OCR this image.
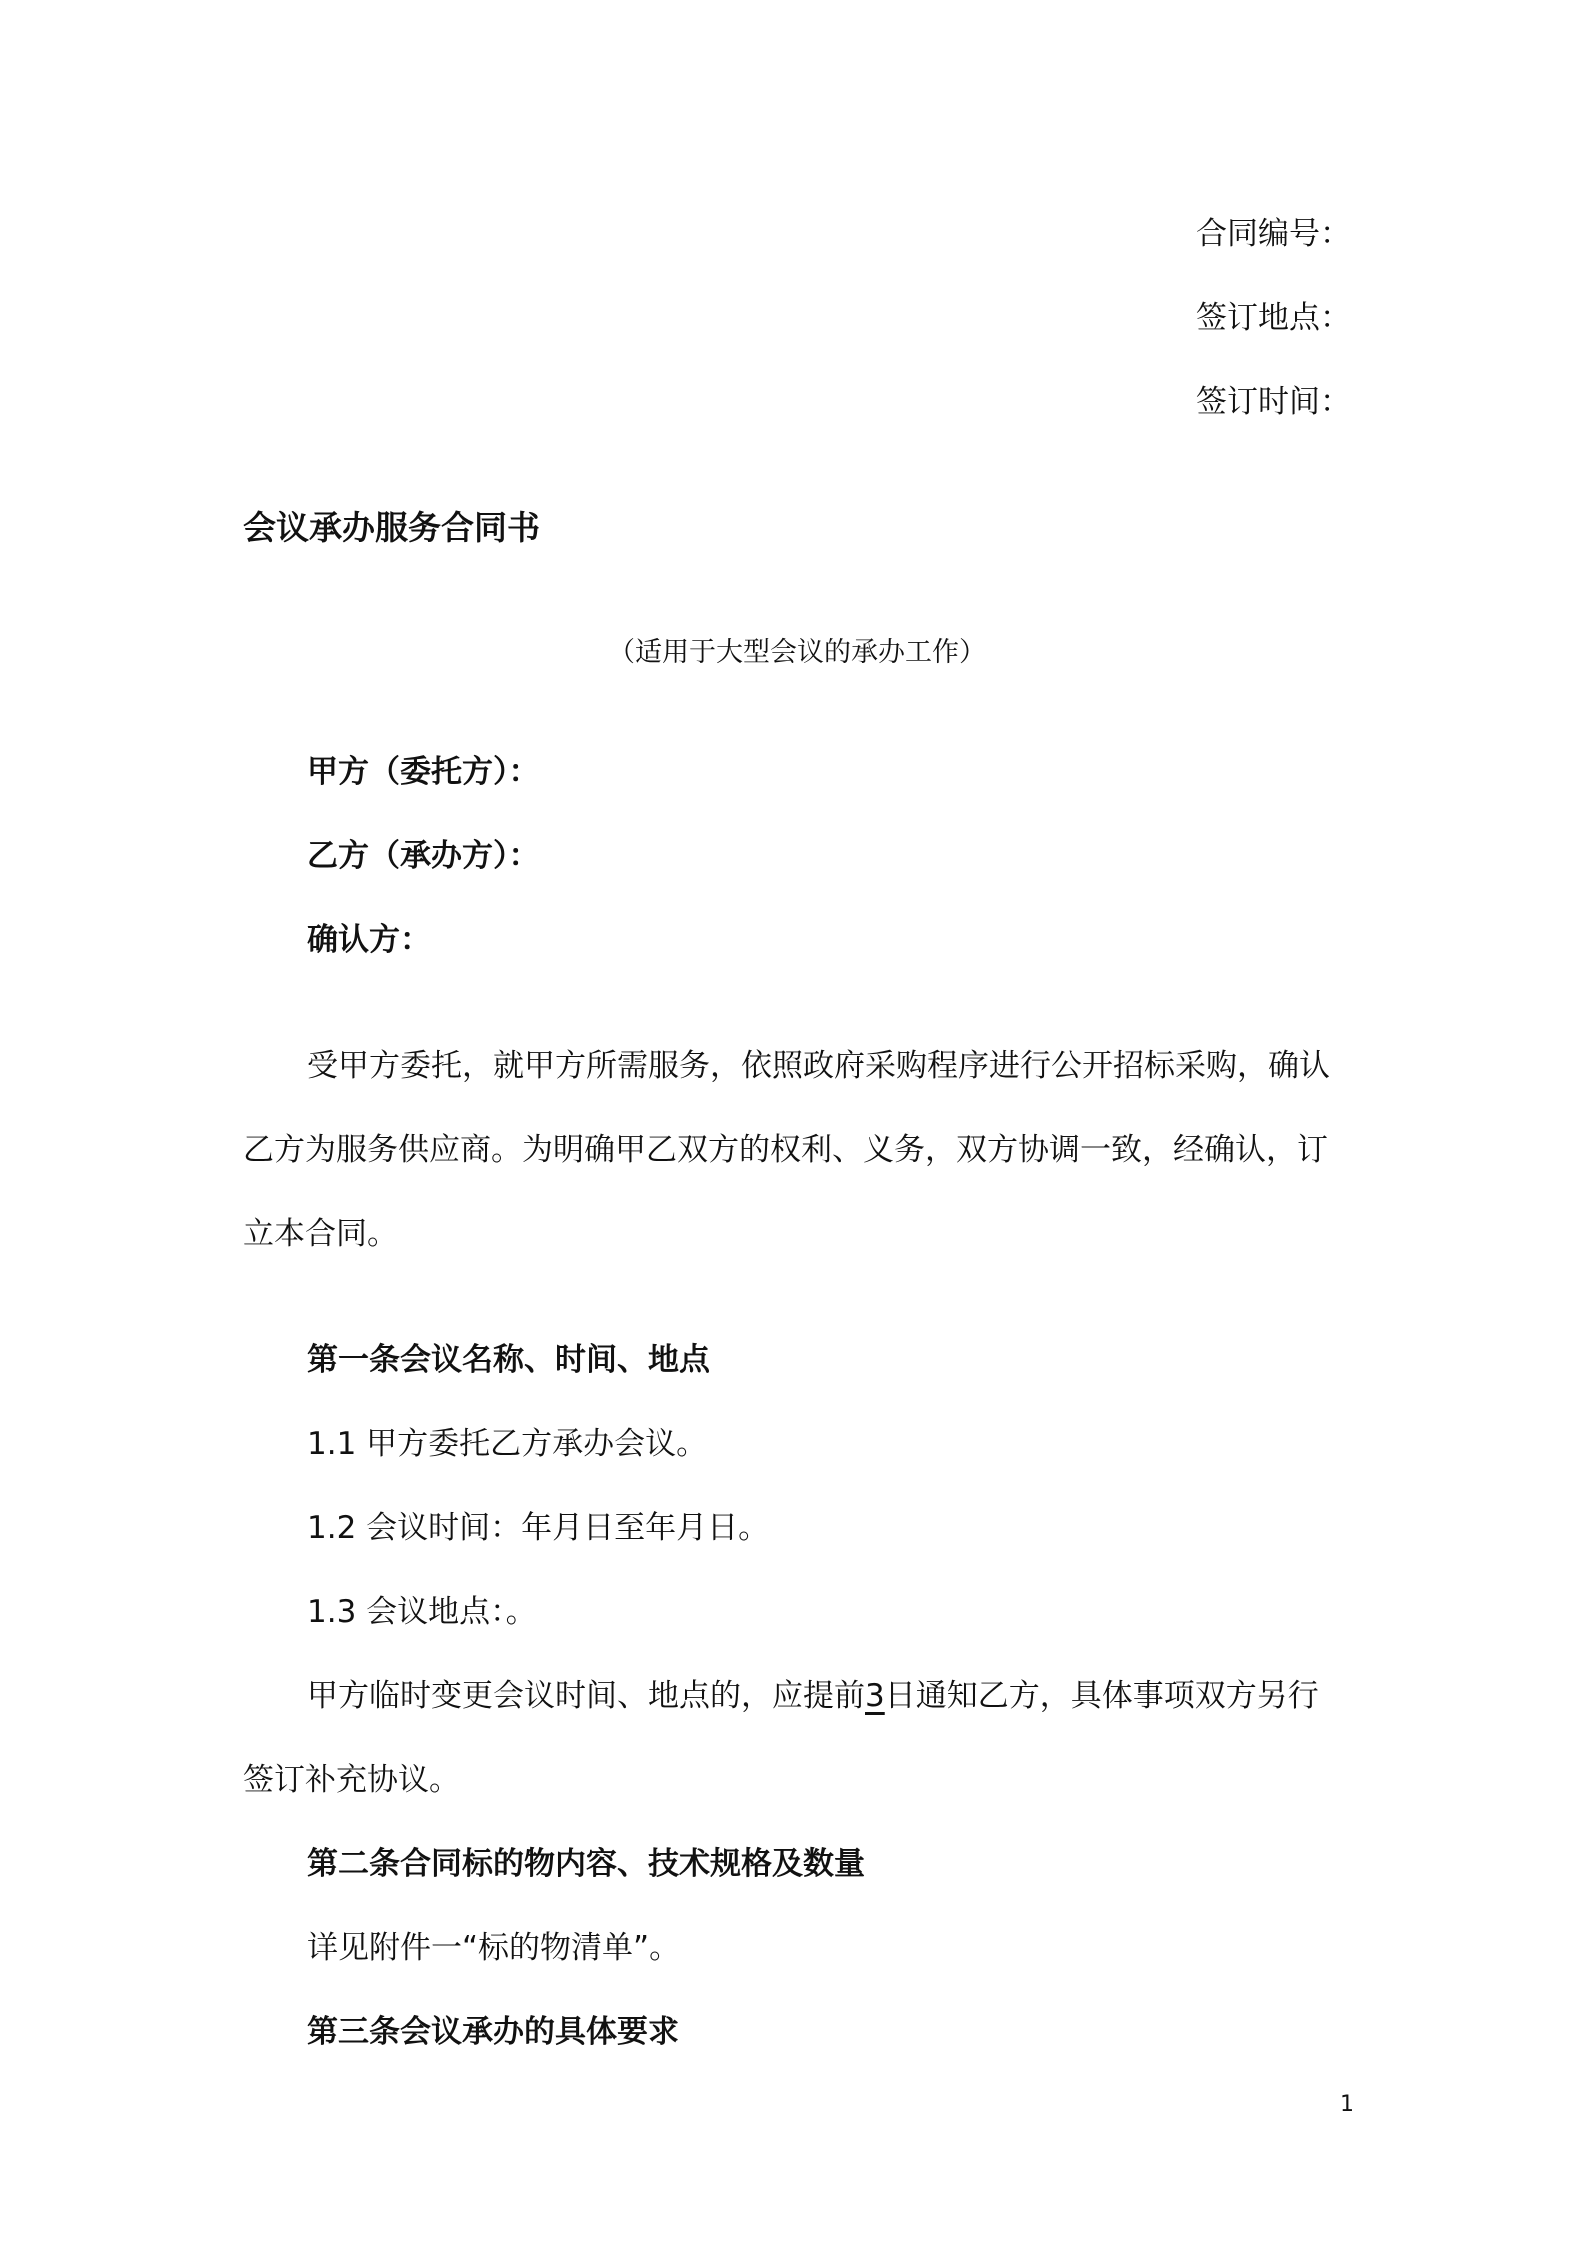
合同编号：
签订地点：
签订时间：
会议承办服务合同书
（适用于大型会议的承办工作）
甲方（委托方）：
乙方（承办方）：
确认方：
受甲方委托，就甲方所需服务，依照政府采购程序进行公开招标采购，确认
乙方为服务供应商。为明确甲乙双方的权利、义务，双方协调一致，经确认，订
立本合同。
第一条会议名称、时间、地点
1.1 甲方委托乙方承办会议。
1.2 会议时间：年月日至年月日。
1.3 会议地点：。
甲方临时变更会议时间、地点的，应提前3日通知乙方，具体事项双方另行
签订补充协议。
第二条合同标的物内容、技术规格及数量
详见附件一“标的物清单”。
第三条会议承办的具体要求
1
